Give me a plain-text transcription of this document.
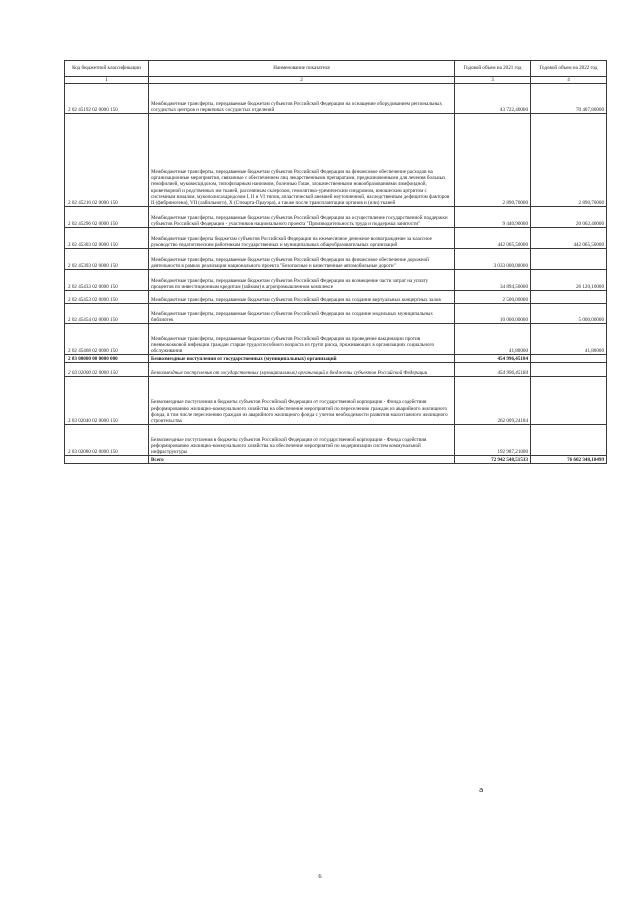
Код бюджетной классификации	Наименование показателя	Годовой объем на 2021 год	Годовой объем на 2022 год
1	2	3	4
2 02 45192 02 0000 150	Межбюджетные трансферты, передаваемые бюджетам субъектов Российской Федерации на оснащение оборудованием региональных сосудистых центров и первичных сосудистых отделений	43 722,40000	70 407,80000
2 02 45216 02 0000 150	Межбюджетные трансферты, передаваемые бюджетам субъектов Российской Федерации на финансовое обеспечение расходов на организационные мероприятия, связанные с обеспечением лиц лекарственными препаратами, предназначенными для лечения больных гемофилией, муковисцидозом, гипофизарным нанизмом, болезнью Гоше, злокачественными новообразованиями лимфоидной, кроветворной и родственных им тканей, рассеянным склерозом, гемолитико-уремическим синдромом, юношеским артритом с системным началом, мукополисахаридозом I, II и VI типов, апластической анемией неуточненной, наследственным дефицитом факторов II (фибриногена), VII (лабильного), X (Стюарта-Прауэра), а также после трансплантации органов и (или) тканей	2 890,70000	2 890,70000
2 02 45296 02 0000 150	Межбюджетные трансферты, передаваемые бюджетам субъектов Российской Федерации на осуществление государственной поддержки субъектов Российской Федерации - участников национального проекта "Производительность труда и поддержка занятости"	9 440,90000	20 062,40000
2 02 45303 02 0000 150	Межбюджетные трансферты бюджетам субъектов Российской Федерации на ежемесячное денежное вознаграждение за классное руководство педагогическим работникам государственных и муниципальных общеобразовательных организаций	442 065,50000	442 065,50000
2 02 45393 02 0000 150	Межбюджетные трансферты, передаваемые бюджетам субъектов Российской Федерации на финансовое обеспечение дорожной деятельности в рамках реализации национального проекта "Безопасные и качественные автомобильные дороги"	3 033 000,00000	
2 02 45433 02 0000 150	Межбюджетные трансферты, передаваемые бюджетам субъектов Российской Федерации на возмещение части затрат на уплату процентов по инвестиционным кредитам (займам) в агропромышленном комплексе	34 894,50000	26 120,10000
2 02 45453 02 0000 150	Межбюджетные трансферты, передаваемые бюджетам субъектов Российской Федерации на создание виртуальных концертных залов	2 500,00000	
2 02 45454 02 0000 150	Межбюджетные трансферты, передаваемые бюджетам субъектов Российской Федерации на создание модельных муниципальных библиотек	10 000,00000	5 000,00000
2 02 45468 02 0000 150	Межбюджетные трансферты, передаваемые бюджетам субъектов Российской Федерации на проведение вакцинации против пневмококковой инфекции граждан старше трудоспособного возраста из групп риска, проживающих в организациях социального обслуживания	41,80000	41,80000
2 03 00000 00 0000 000	Безвозмездные поступления от государственных (муниципальных) организаций	454 996,45184	
2 03 02000 02 0000 150	Безвозмездные поступления от государственных (муниципальных) организаций в бюджеты субъектов Российской Федерации	454 996,45184	
2 03 02040 02 0000 150	Безвозмездные поступления в бюджеты субъектов Российской Федерации от государственной корпорации - Фонда содействия реформированию жилищно-коммунального хозяйства на обеспечение мероприятий по переселению граждан из аварийного жилищного фонда, в том числе переселению граждан из аварийного жилищного фонда с учетом необходимости развития малоэтажного жилищного строительства	262 009,24184	
2 03 02080 02 0000 150	Безвозмездные поступления в бюджеты субъектов Российской Федерации от государственной корпорации - Фонда содействия реформированию жилищно-коммунального хозяйства на обеспечение мероприятий по модернизации систем коммунальной инфраструктуры	192 987,21000	
	Всего	72 942 548,51533	76 602 348,10499
a
6
